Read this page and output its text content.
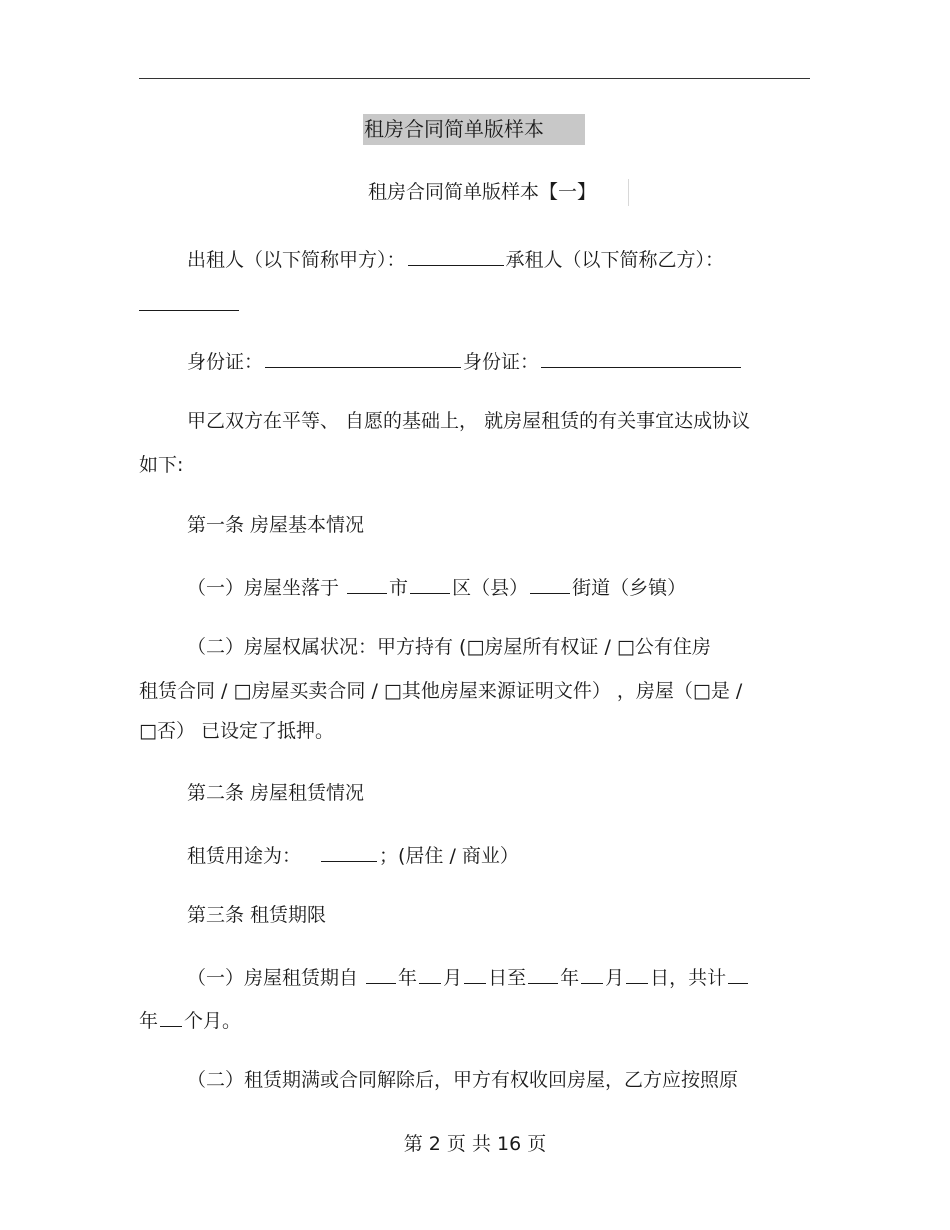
租房合同简单版样本
租房合同简单版样本【一】
出租人（以下简称甲方）：	承租人（以下简称乙方）：
身份证：	身份证：
甲乙双方在平等、 自愿的基础上， 就房屋租赁的有关事宜达成协议
如下:
第一条 房屋基本情况
（一）房屋坐落于 市 区（县） 街道（乡镇）
（二）房屋权属状况：甲方持有 (□房屋所有权证 / □公有住房
租赁合同 / □房屋买卖合同 / □其他房屋来源证明文件） ，房屋（□是 /
□否） 已设定了抵押。
第二条 房屋租赁情况
租赁用途为：	；(居住 / 商业）
第三条 租赁期限
（一）房屋租赁期自 年 月 日至 年 月 日，共计
年 个月。
（二）租赁期满或合同解除后，甲方有权收回房屋，乙方应按照原
第 2 页 共 16 页
